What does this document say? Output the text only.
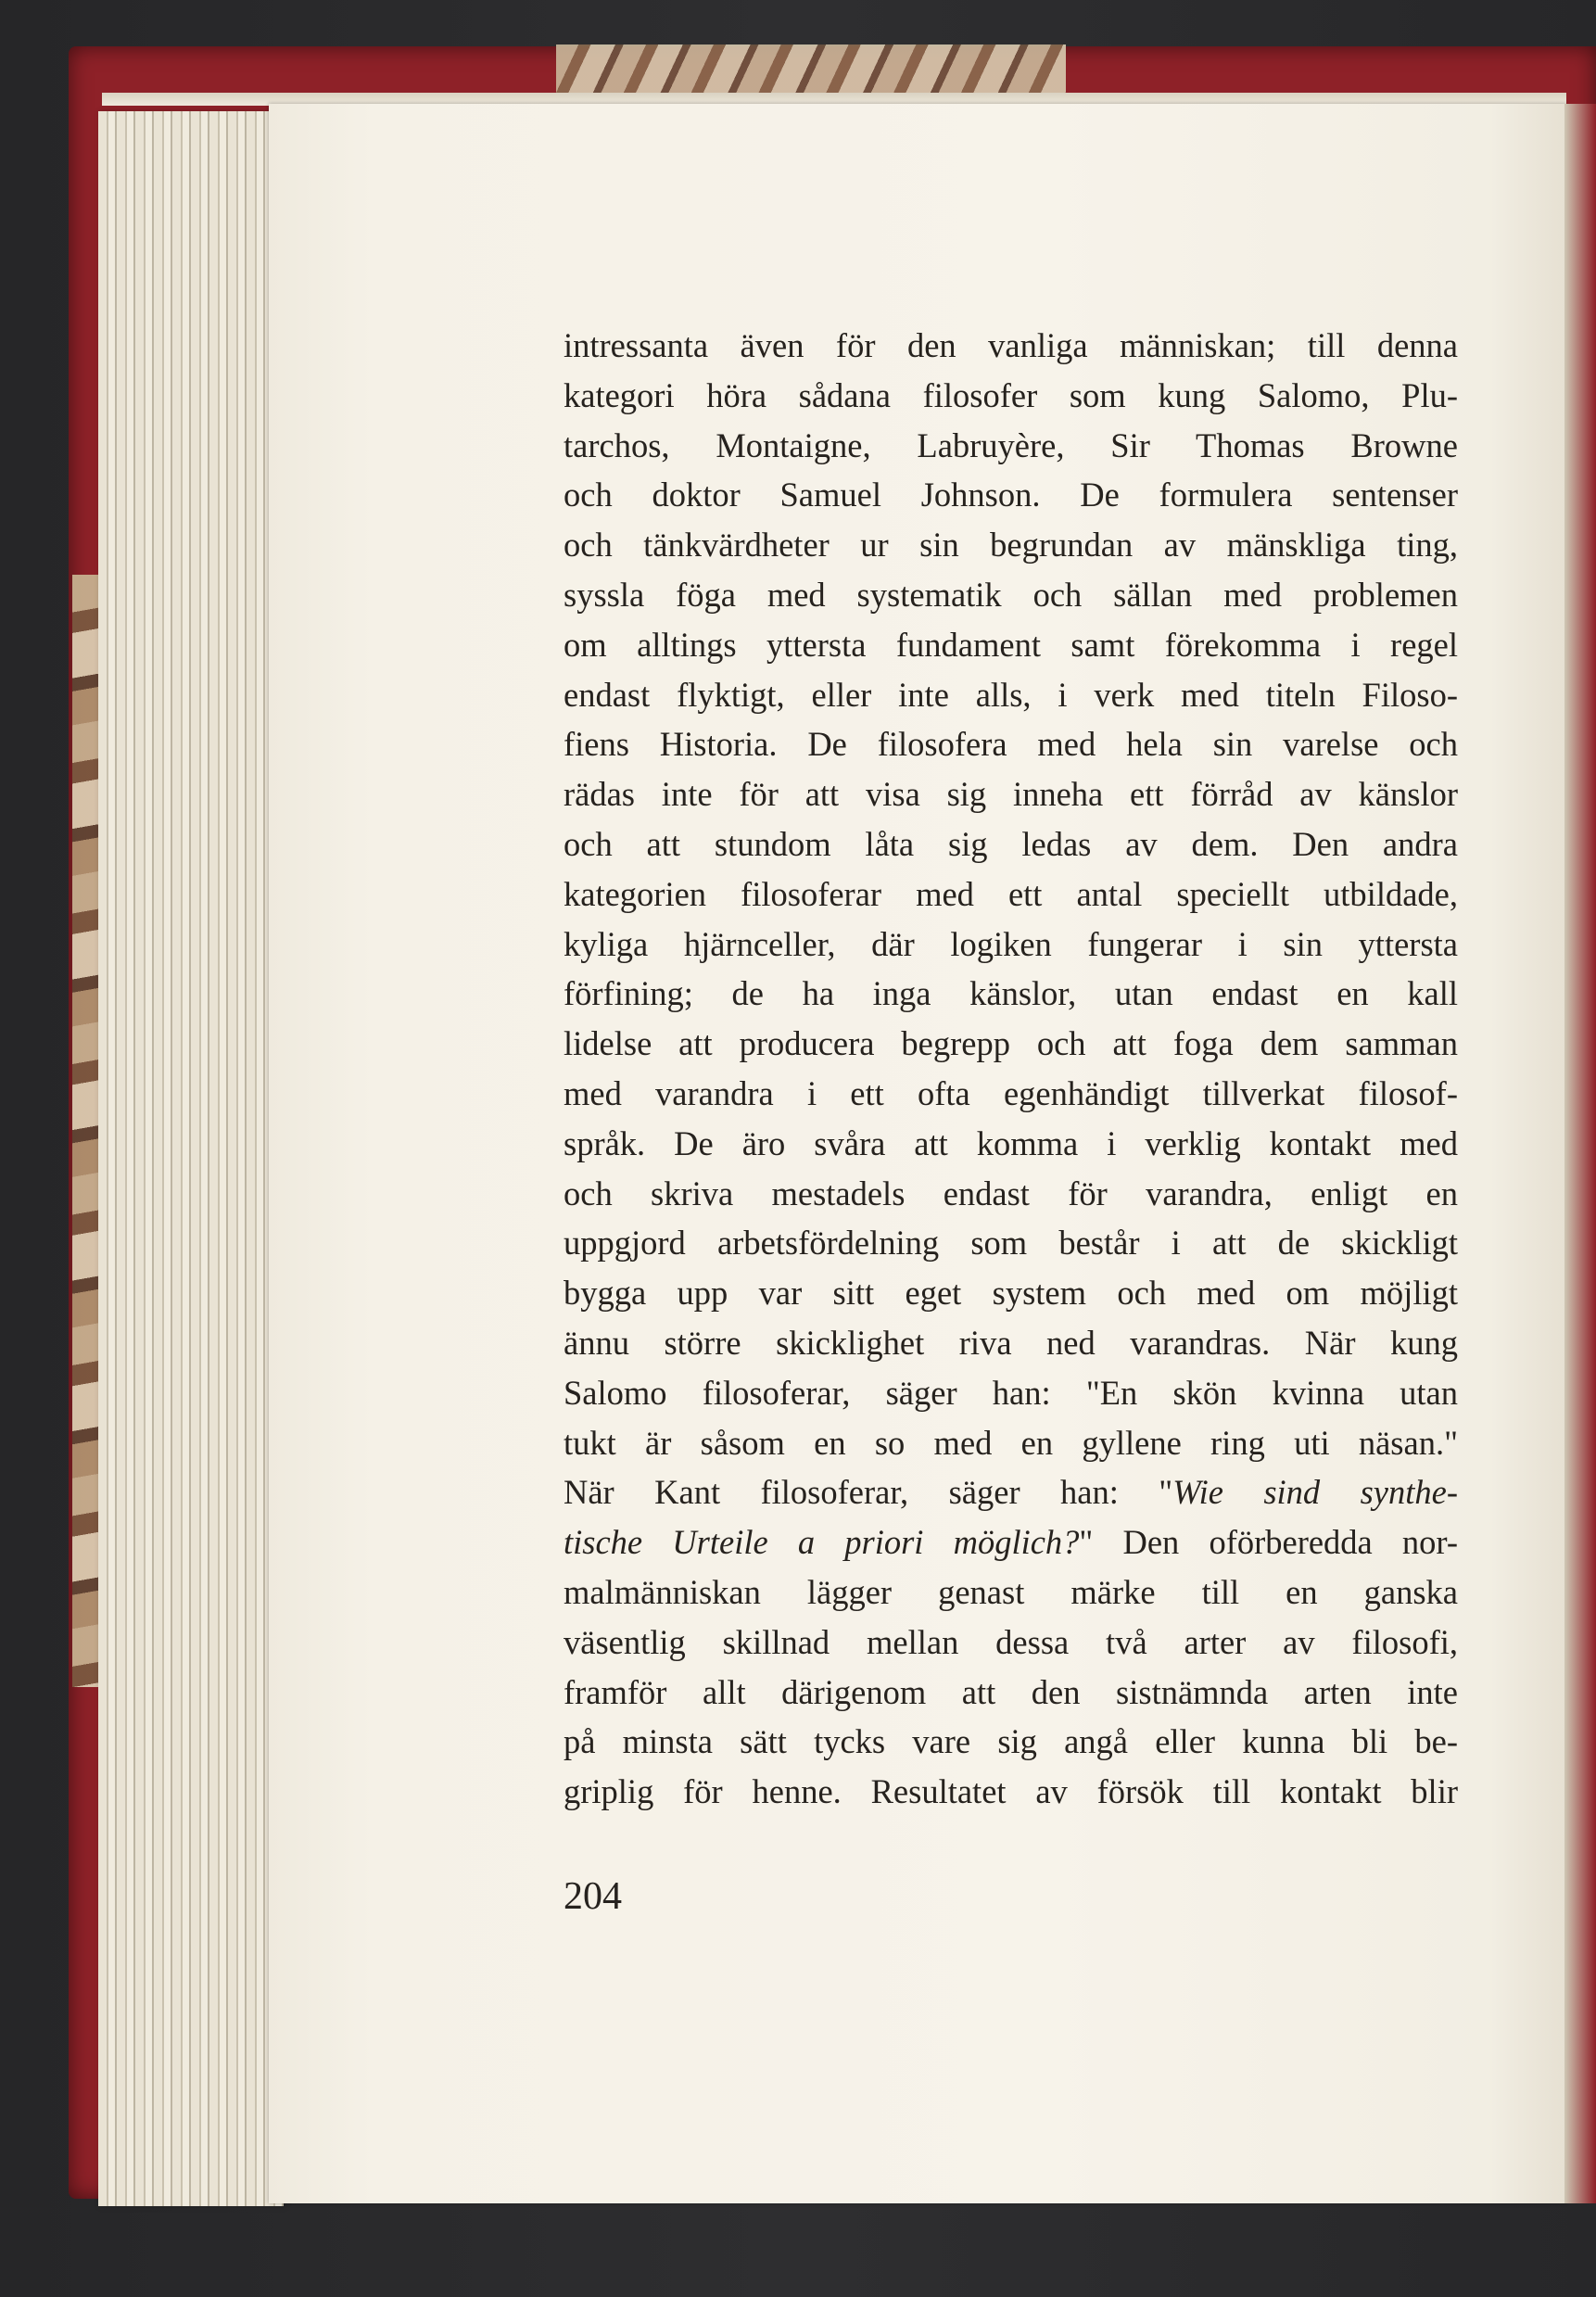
intressanta även för den vanliga människan; till denna
kategori höra sådana filosofer som kung Salomo, Plu-
tarchos, Montaigne, Labruyère, Sir Thomas Browne
och doktor Samuel Johnson. De formulera sentenser
och tänkvärdheter ur sin begrundan av mänskliga ting,
syssla föga med systematik och sällan med problemen
om alltings yttersta fundament samt förekomma i regel
endast flyktigt, eller inte alls, i verk med titeln Filoso-
fiens Historia. De filosofera med hela sin varelse och
rädas inte för att visa sig inneha ett förråd av känslor
och att stundom låta sig ledas av dem. Den andra
kategorien filosoferar med ett antal speciellt utbildade,
kyliga hjärnceller, där logiken fungerar i sin yttersta
förfining; de ha inga känslor, utan endast en kall
lidelse att producera begrepp och att foga dem samman
med varandra i ett ofta egenhändigt tillverkat filosof-
språk. De äro svåra att komma i verklig kontakt med
och skriva mestadels endast för varandra, enligt en
uppgjord arbetsfördelning som består i att de skickligt
bygga upp var sitt eget system och med om möjligt
ännu större skicklighet riva ned varandras. När kung
Salomo filosoferar, säger han: "En skön kvinna utan
tukt är såsom en so med en gyllene ring uti näsan."
När Kant filosoferar, säger han: "Wie sind synthe-
tische Urteile a priori möglich?" Den oförberedda nor-
malmänniskan lägger genast märke till en ganska
väsentlig skillnad mellan dessa två arter av filosofi,
framför allt därigenom att den sistnämnda arten inte
på minsta sätt tycks vare sig angå eller kunna bli be-
griplig för henne. Resultatet av försök till kontakt blir
204
